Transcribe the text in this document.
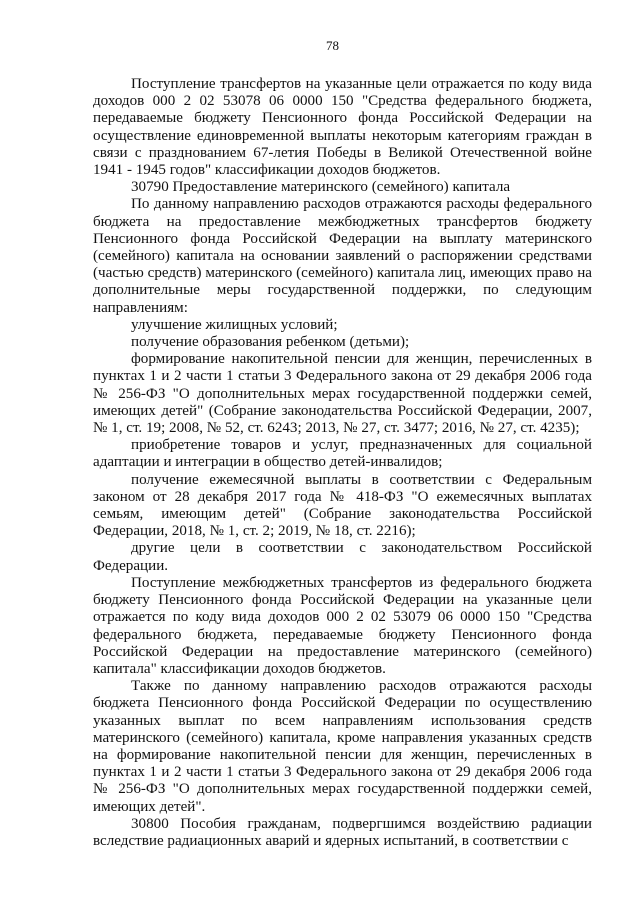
78

Поступление трансфертов на указанные цели отражается по коду вида доходов 000 2 02 53078 06 0000 150 "Средства федерального бюджета, передаваемые бюджету Пенсионного фонда Российской Федерации на осуществление единовременной выплаты некоторым категориям граждан в связи с празднованием 67-летия Победы в Великой Отечественной войне 1941 - 1945 годов" классификации доходов бюджетов.

30790 Предоставление материнского (семейного) капитала

По данному направлению расходов отражаются расходы федерального бюджета на предоставление межбюджетных трансфертов бюджету Пенсионного фонда Российской Федерации на выплату материнского (семейного) капитала на основании заявлений о распоряжении средствами (частью средств) материнского (семейного) капитала лиц, имеющих право на дополнительные меры государственной поддержки, по следующим направлениям:

улучшение жилищных условий;

получение образования ребенком (детьми);

формирование накопительной пенсии для женщин, перечисленных в пунктах 1 и 2 части 1 статьи 3 Федерального закона от 29 декабря 2006 года № 256-ФЗ "О дополнительных мерах государственной поддержки семей, имеющих детей" (Собрание законодательства Российской Федерации, 2007, № 1, ст. 19; 2008, № 52, ст. 6243; 2013, № 27, ст. 3477; 2016, № 27, ст. 4235);

приобретение товаров и услуг, предназначенных для социальной адаптации и интеграции в общество детей-инвалидов;

получение ежемесячной выплаты в соответствии с Федеральным законом от 28 декабря 2017 года № 418-ФЗ "О ежемесячных выплатах семьям, имеющим детей" (Собрание законодательства Российской Федерации, 2018, № 1, ст. 2; 2019, № 18, ст. 2216);

другие цели в соответствии с законодательством Российской Федерации.

Поступление межбюджетных трансфертов из федерального бюджета бюджету Пенсионного фонда Российской Федерации на указанные цели отражается по коду вида доходов 000 2 02 53079 06 0000 150 "Средства федерального бюджета, передаваемые бюджету Пенсионного фонда Российской Федерации на предоставление материнского (семейного) капитала" классификации доходов бюджетов.

Также по данному направлению расходов отражаются расходы бюджета Пенсионного фонда Российской Федерации по осуществлению указанных выплат по всем направлениям использования средств материнского (семейного) капитала, кроме направления указанных средств на формирование накопительной пенсии для женщин, перечисленных в пунктах 1 и 2 части 1 статьи 3 Федерального закона от 29 декабря 2006 года № 256-ФЗ "О дополнительных мерах государственной поддержки семей, имеющих детей".

30800 Пособия гражданам, подвергшимся воздействию радиации вследствие радиационных аварий и ядерных испытаний, в соответствии с
